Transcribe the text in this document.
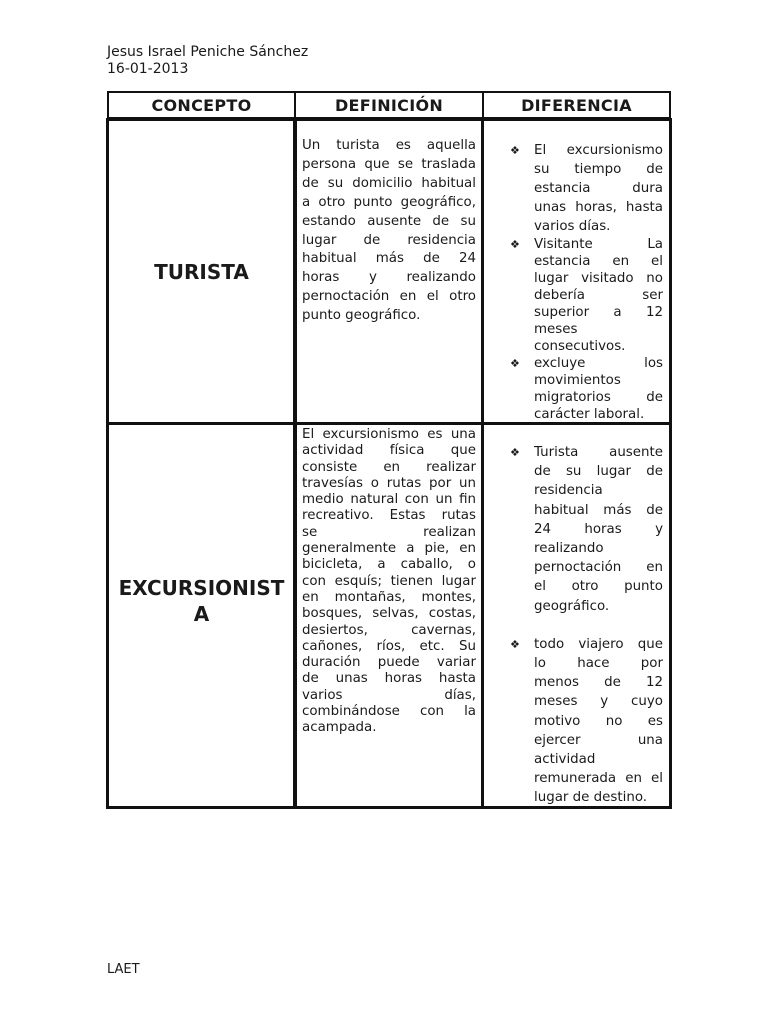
Jesus Israel Peniche Sánchez
16-01-2013
CONCEPTO	DEFINICIÓN	DIFERENCIA
TURISTA
Un turista es aquella
persona que se traslada
de su domicilio habitual
a otro punto geográfico,
estando ausente de su
lugar de residencia
habitual más de 24
horas y realizando
pernoctación en el otro
punto geográfico.
❖ El excursionismo
su tiempo de
estancia dura
unas horas, hasta
varios días.
❖ Visitante La
estancia en el
lugar visitado no
debería ser
superior a 12
meses
consecutivos.
❖ excluye los
movimientos
migratorios de
carácter laboral.
EXCURSIONIST
A
El excursionismo es una
actividad física que
consiste en realizar
travesías o rutas por un
medio natural con un fin
recreativo. Estas rutas
se realizan
generalmente a pie, en
bicicleta, a caballo, o
con esquís; tienen lugar
en montañas, montes,
bosques, selvas, costas,
desiertos, cavernas,
cañones, ríos, etc. Su
duración puede variar
de unas horas hasta
varios días,
combinándose con la
acampada.
❖ Turista ausente
de su lugar de
residencia
habitual más de
24 horas y
realizando
pernoctación en
el otro punto
geográfico.
❖ todo viajero que
lo hace por
menos de 12
meses y cuyo
motivo no es
ejercer una
actividad
remunerada en el
lugar de destino.
LAET
